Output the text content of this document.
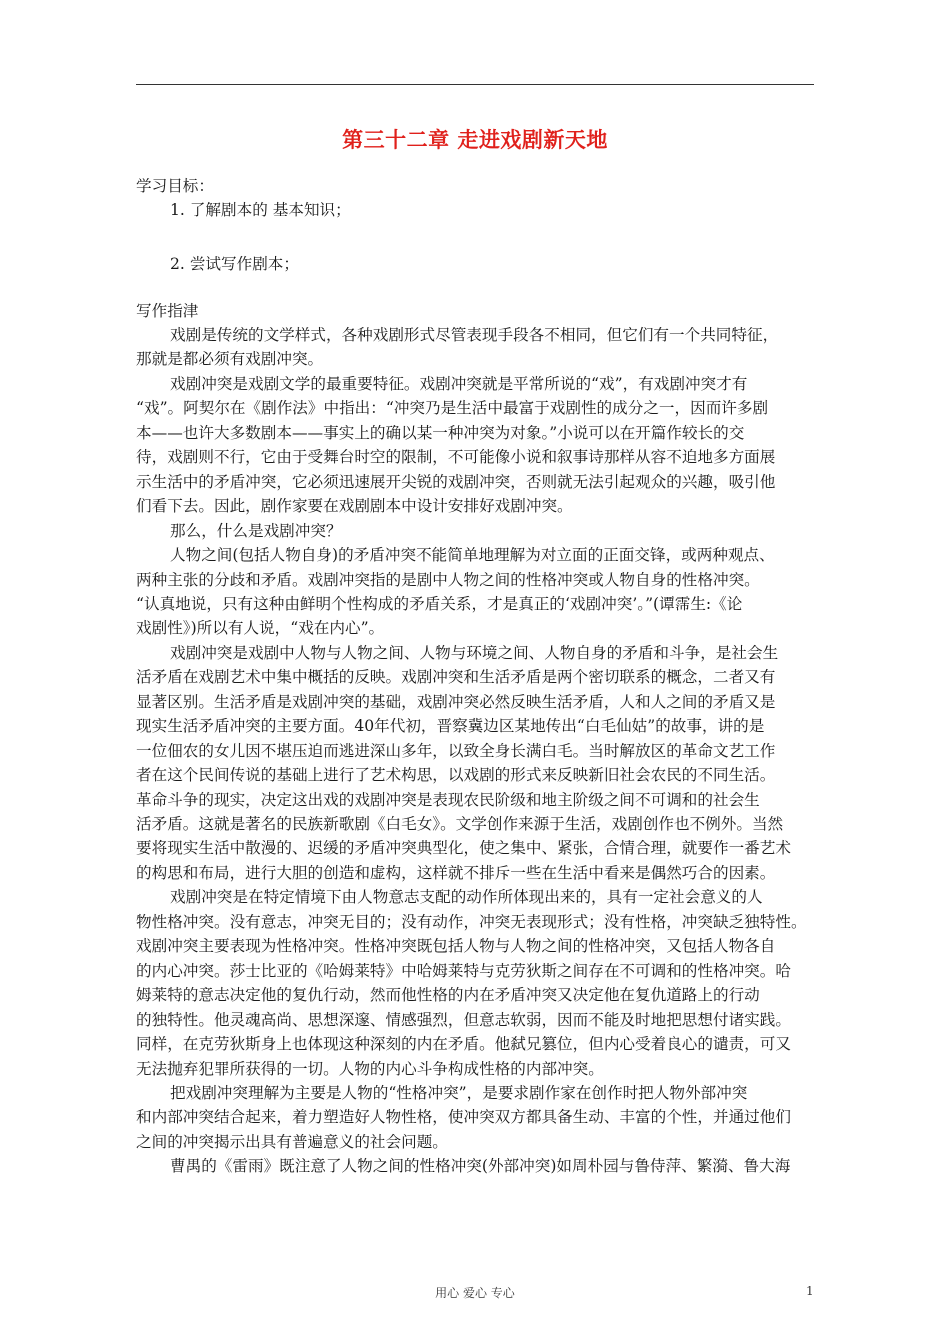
第三十二章 走进戏剧新天地
学习目标：
1. 了解剧本的 基本知识；
2. 尝试写作剧本；
写作指津
戏剧是传统的文学样式，各种戏剧形式尽管表现手段各不相同，但它们有一个共同特征，
那就是都必须有戏剧冲突。
戏剧冲突是戏剧文学的最重要特征。戏剧冲突就是平常所说的“戏”，有戏剧冲突才有
“戏”。阿契尔在《剧作法》中指出：“冲突乃是生活中最富于戏剧性的成分之一，因而许多剧
本——也许大多数剧本——事实上的确以某一种冲突为对象。”小说可以在开篇作较长的交
待，戏剧则不行，它由于受舞台时空的限制，不可能像小说和叙事诗那样从容不迫地多方面展
示生活中的矛盾冲突，它必须迅速展开尖锐的戏剧冲突，否则就无法引起观众的兴趣，吸引他
们看下去。因此，剧作家要在戏剧剧本中设计安排好戏剧冲突。
那么，什么是戏剧冲突？
人物之间(包括人物自身)的矛盾冲突不能简单地理解为对立面的正面交锋，或两种观点、
两种主张的分歧和矛盾。戏剧冲突指的是剧中人物之间的性格冲突或人物自身的性格冲突。
“认真地说，只有这种由鲜明个性构成的矛盾关系，才是真正的‘戏剧冲突’。”(谭霈生:《论
戏剧性》)所以有人说，“戏在内心”。
戏剧冲突是戏剧中人物与人物之间、人物与环境之间、人物自身的矛盾和斗争，是社会生
活矛盾在戏剧艺术中集中概括的反映。戏剧冲突和生活矛盾是两个密切联系的概念，二者又有
显著区别。生活矛盾是戏剧冲突的基础，戏剧冲突必然反映生活矛盾，人和人之间的矛盾又是
现实生活矛盾冲突的主要方面。40年代初，晋察冀边区某地传出“白毛仙姑”的故事，讲的是
一位佃农的女儿因不堪压迫而逃进深山多年，以致全身长满白毛。当时解放区的革命文艺工作
者在这个民间传说的基础上进行了艺术构思，以戏剧的形式来反映新旧社会农民的不同生活。
革命斗争的现实，决定这出戏的戏剧冲突是表现农民阶级和地主阶级之间不可调和的社会生
活矛盾。这就是著名的民族新歌剧《白毛女》。文学创作来源于生活，戏剧创作也不例外。当然
要将现实生活中散漫的、迟缓的矛盾冲突典型化，使之集中、紧张，合情合理，就要作一番艺术
的构思和布局，进行大胆的创造和虚构，这样就不排斥一些在生活中看来是偶然巧合的因素。
戏剧冲突是在特定情境下由人物意志支配的动作所体现出来的，具有一定社会意义的人
物性格冲突。没有意志，冲突无目的；没有动作，冲突无表现形式；没有性格，冲突缺乏独特性。
戏剧冲突主要表现为性格冲突。性格冲突既包括人物与人物之间的性格冲突，又包括人物各自
的内心冲突。莎士比亚的《哈姆莱特》中哈姆莱特与克劳狄斯之间存在不可调和的性格冲突。哈
姆莱特的意志决定他的复仇行动，然而他性格的内在矛盾冲突又决定他在复仇道路上的行动
的独特性。他灵魂高尚、思想深邃、情感强烈，但意志软弱，因而不能及时地把思想付诸实践。
同样，在克劳狄斯身上也体现这种深刻的内在矛盾。他弑兄篡位，但内心受着良心的谴责，可又
无法抛弃犯罪所获得的一切。人物的内心斗争构成性格的内部冲突。
把戏剧冲突理解为主要是人物的“性格冲突”，是要求剧作家在创作时把人物外部冲突
和内部冲突结合起来，着力塑造好人物性格，使冲突双方都具备生动、丰富的个性，并通过他们
之间的冲突揭示出具有普遍意义的社会问题。
曹禺的《雷雨》既注意了人物之间的性格冲突(外部冲突)如周朴园与鲁侍萍、繁漪、鲁大海
用心 爱心 专心	1
